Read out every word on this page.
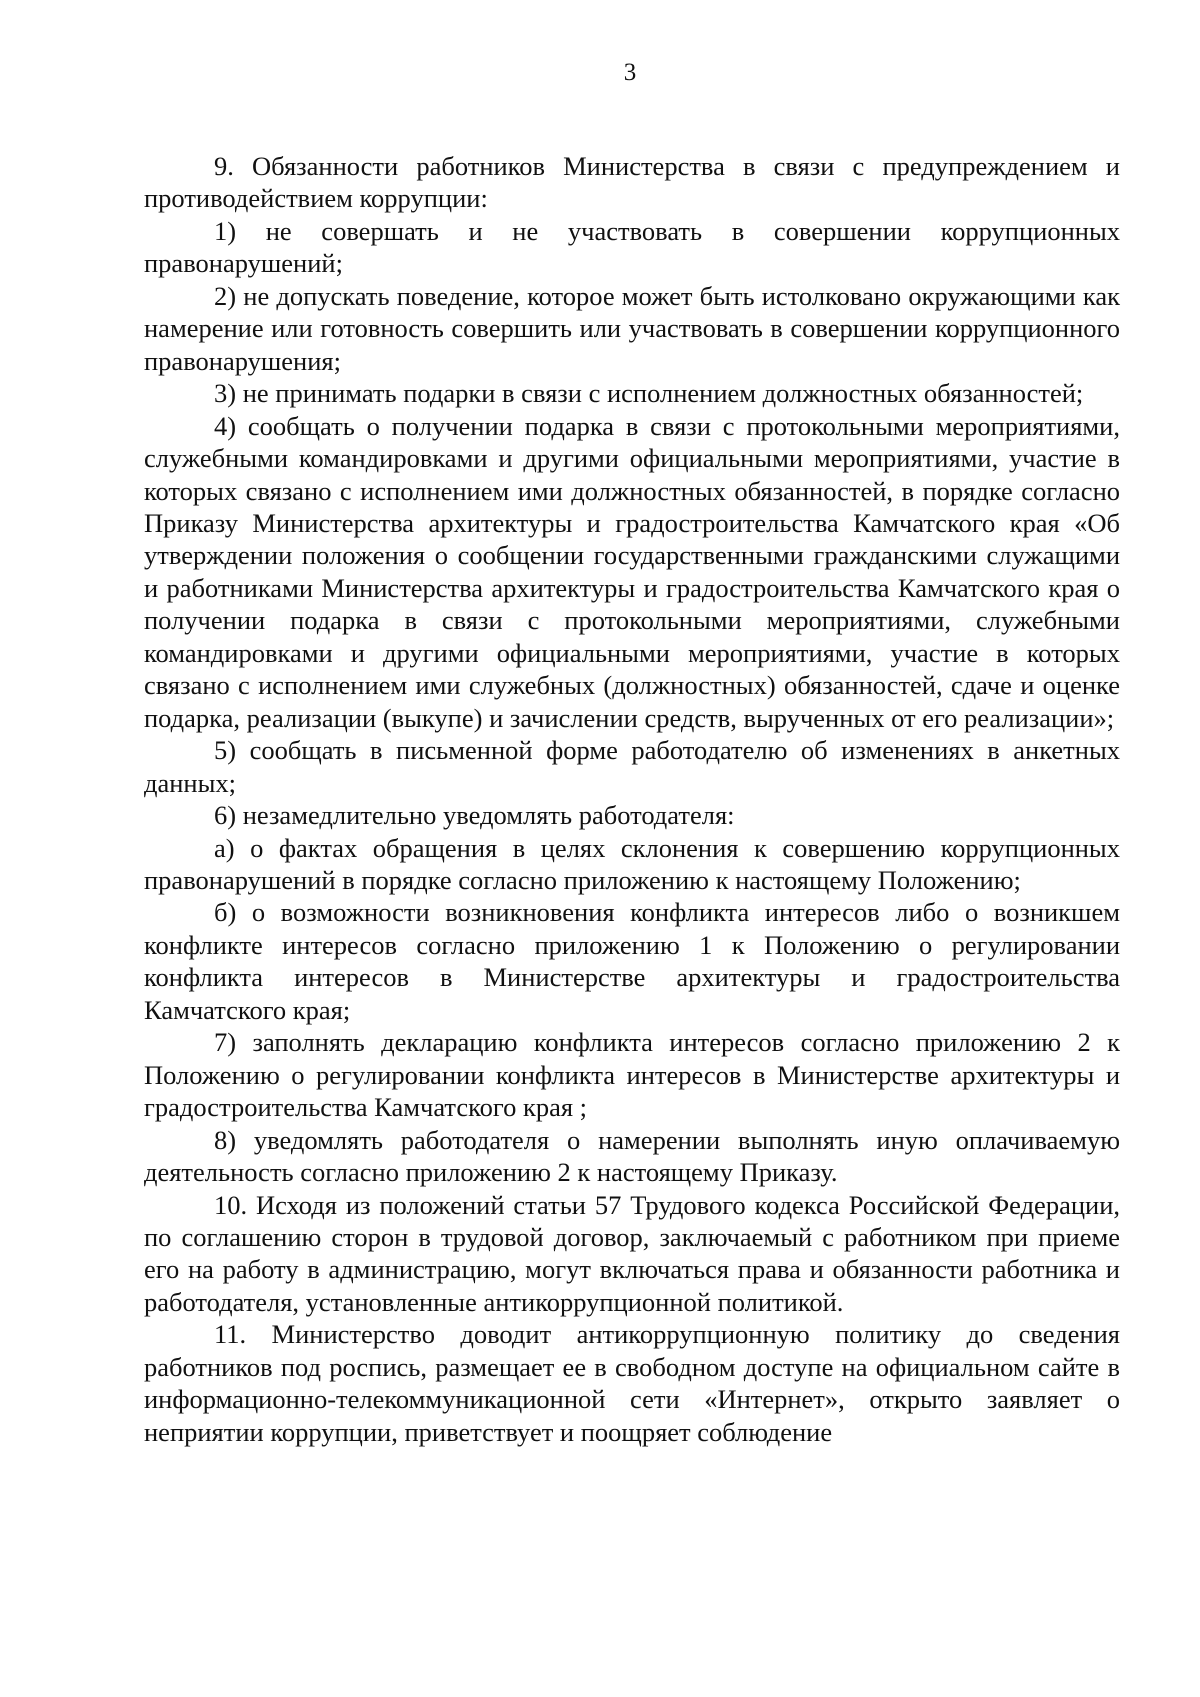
3

9. Обязанности работников Министерства в связи с предупреждением и противодействием коррупции:

1) не совершать и не участвовать в совершении коррупционных правонарушений;

2) не допускать поведение, которое может быть истолковано окружающими как намерение или готовность совершить или участвовать в совершении коррупционного правонарушения;

3) не принимать подарки в связи с исполнением должностных обязанностей;

4) сообщать о получении подарка в связи с протокольными мероприятиями, служебными командировками и другими официальными мероприятиями, участие в которых связано с исполнением ими должностных обязанностей, в порядке согласно Приказу Министерства архитектуры и градостроительства Камчатского края «Об утверждении положения о сообщении государственными гражданскими служащими и работниками Министерства архитектуры и градостроительства Камчатского края о получении подарка в связи с протокольными мероприятиями, служебными командировками и другими официальными мероприятиями, участие в которых связано с исполнением ими служебных (должностных) обязанностей, сдаче и оценке подарка, реализации (выкупе) и зачислении средств, вырученных от его реализации»;

5) сообщать в письменной форме работодателю об изменениях в анкетных данных;

6) незамедлительно уведомлять работодателя:

а) о фактах обращения в целях склонения к совершению коррупционных правонарушений в порядке согласно приложению к настоящему Положению;

б) о возможности возникновения конфликта интересов либо о возникшем конфликте интересов согласно приложению 1 к Положению о регулировании конфликта интересов в Министерстве архитектуры и градостроительства Камчатского края;

7) заполнять декларацию конфликта интересов согласно приложению 2 к Положению о регулировании конфликта интересов в Министерстве архитектуры и градостроительства Камчатского края ;

8) уведомлять работодателя о намерении выполнять иную оплачиваемую деятельность согласно приложению 2 к настоящему Приказу.

10. Исходя из положений статьи 57 Трудового кодекса Российской Федерации, по соглашению сторон в трудовой договор, заключаемый с работником при приеме его на работу в администрацию, могут включаться права и обязанности работника и работодателя, установленные антикоррупционной политикой.

11. Министерство доводит антикоррупционную политику до сведения работников под роспись, размещает ее в свободном доступе на официальном сайте в информационно-телекоммуникационной сети «Интернет», открыто заявляет о неприятии коррупции, приветствует и поощряет соблюдение
